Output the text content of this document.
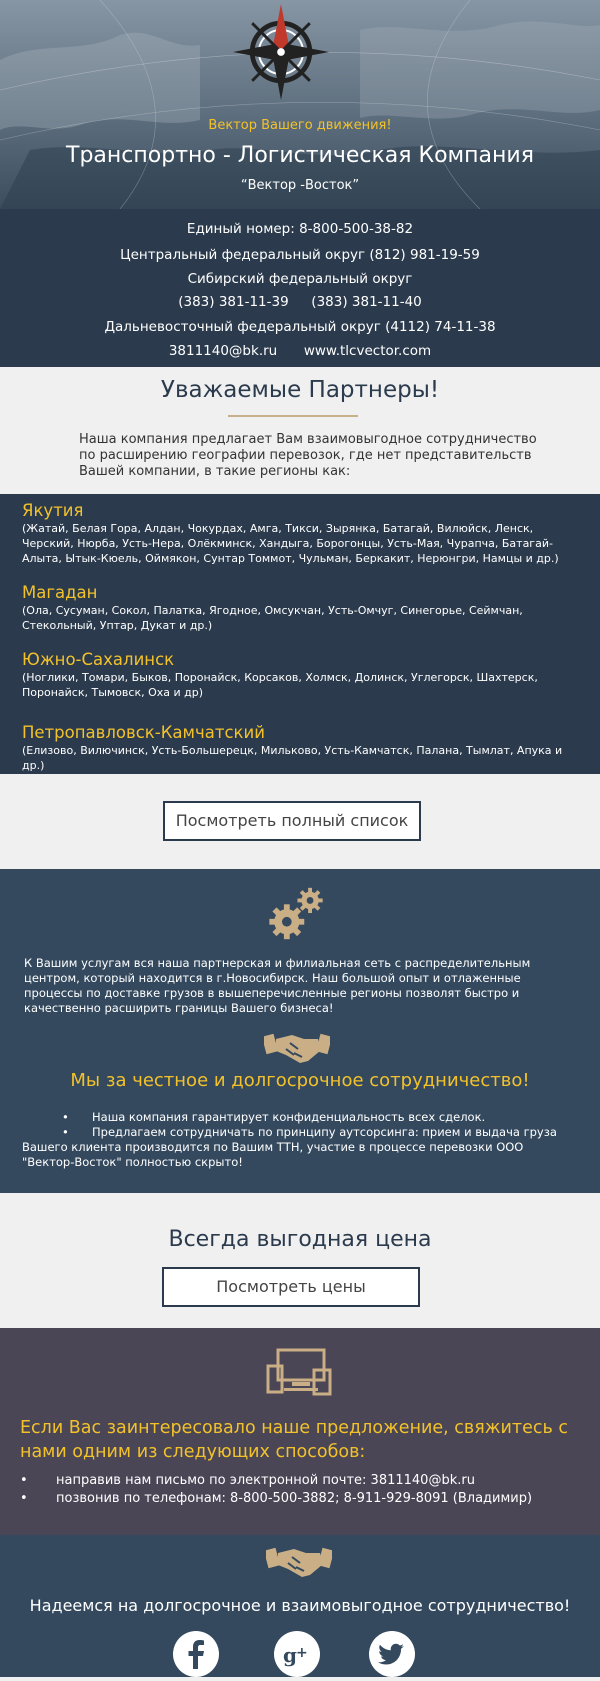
Вектор Вашего движения!
Транспортно - Логистическая Компания
“Вектор -Восток”
Единый номер: 8-800-500-38-82
Центральный федеральный округ (812) 981-19-59
Сибирский федеральный округ
(383) 381-11-39 (383) 381-11-40
Дальневосточный федеральный округ (4112) 74-11-38
3811140@bk.ru www.tlcvector.com
Уважаемые Партнеры!

Наша компания предлагает Вам взаимовыгодное сотрудничество по расширению географии перевозок, где нет представительств Вашей компании, в такие регионы как:

Якутия
(Жатай, Белая Гора, Алдан, Чокурдах, Амга, Тикси, Зырянка, Батагай, Вилюйск, Ленск, Черский, Нюрба, Усть-Нера, Олёкминск, Хандыга, Борогонцы, Усть-Мая, Чурапча, Батагай-Алыта, Ытык-Кюель, Оймякон, Сунтар Томмот, Чульман, Беркакит, Нерюнгри, Намцы и др.)
Магадан
(Ола, Сусуман, Сокол, Палатка, Ягодное, Омсукчан, Усть-Омчуг, Синегорье, Сеймчан, Стекольный, Уптар, Дукат и др.)
Южно-Сахалинск
(Ноглики, Томари, Быков, Поронайск, Корсаков, Холмск, Долинск, Углегорск, Шахтерск, Поронайск, Тымовск, Оха и др)
Петропавловск-Камчатский
(Елизово, Вилючинск, Усть-Большерецк, Мильково, Усть-Камчатск, Палана, Тымлат, Апука и др.)
Посмотреть полный список
К Вашим услугам вся наша партнерская и филиальная сеть с распределительным центром, который находится в г.Новосибирск. Наш большой опыт и отлаженные процессы по доставке грузов в вышеперечисленные регионы позволят быстро и качественно расширить границы Вашего бизнеса!
Мы за честное и долгосрочное сотрудничество!
• Наша компания гарантирует конфиденциальность всех сделок.
• Предлагаем сотрудничать по принципу аутсорсинга: прием и выдача груза Вашего клиента производится по Вашим ТТН, участие в процессе перевозки ООО "Вектор-Восток" полностью скрыто!
Всегда выгодная цена
Посмотреть цены
Если Вас заинтересовало наше предложение, свяжитесь с нами одним из следующих способов:
• направив нам письмо по электронной почте: 3811140@bk.ru
• позвонив по телефонам: 8-800-500-3882; 8-911-929-8091 (Владимир)
Надеемся на долгосрочное и взаимовыгодное сотрудничество!
g +
